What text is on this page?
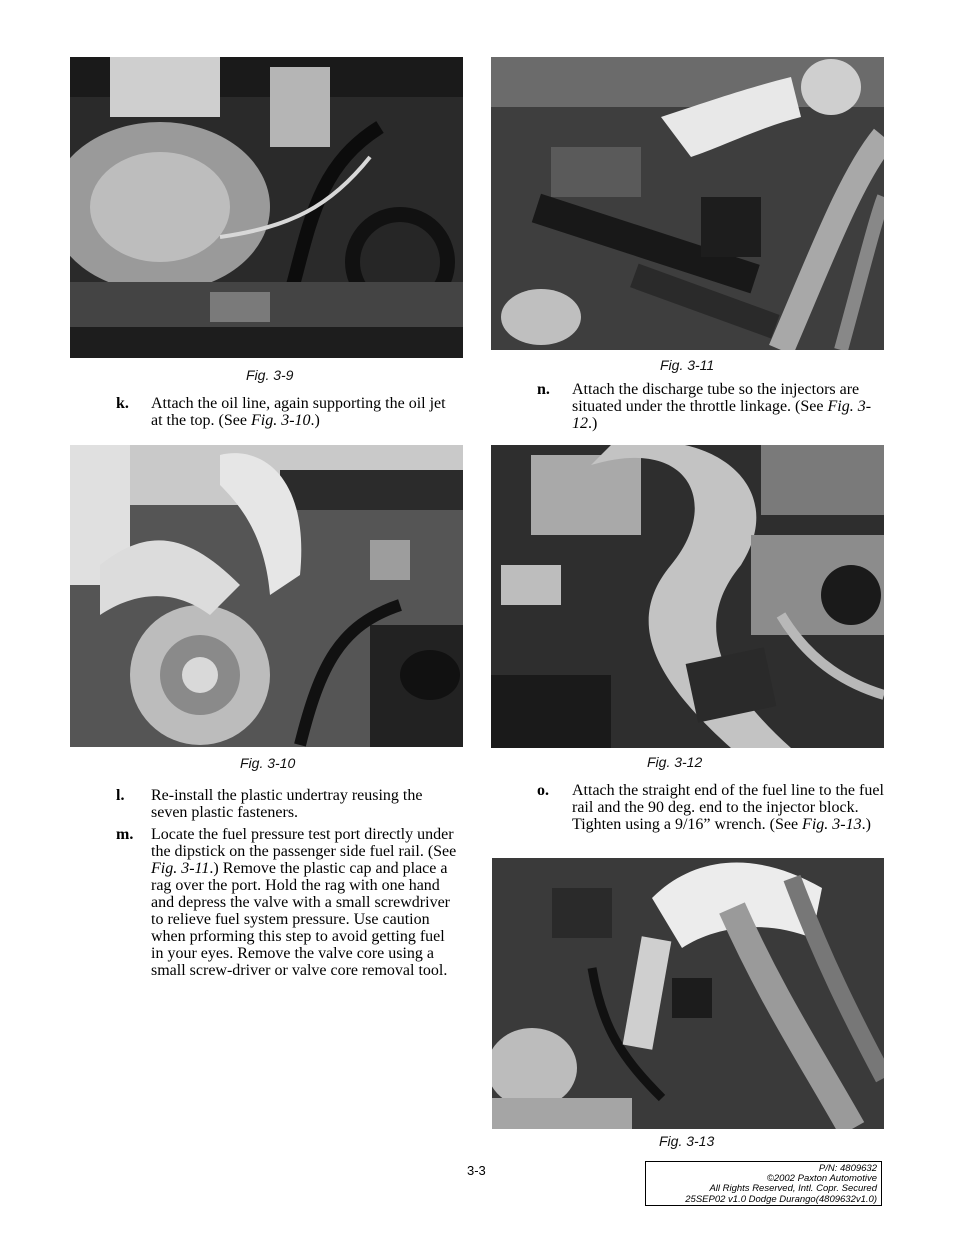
Fig. 3-9
k. Attach the oil line, again supporting the oil jet at the top. (See Fig. 3-10.)
Fig. 3-10
l. Re-install the plastic undertray reusing the seven plastic fasteners.
m. Locate the fuel pressure test port directly under the dipstick on the passenger side fuel rail. (See Fig. 3-11.) Remove the plastic cap and place a rag over the port. Hold the rag with one hand and depress the valve with a small screwdriver to relieve fuel system pressure. Use caution when prforming this step to avoid getting fuel in your eyes. Remove the valve core using a small screw-driver or valve core removal tool.
Fig. 3-11
n. Attach the discharge tube so the injectors are situated under the throttle linkage. (See Fig. 3-12.)
Fig. 3-12
o. Attach the straight end of the fuel line to the fuel rail and the 90 deg. end to the injector block. Tighten using a 9/16” wrench. (See Fig. 3-13.)
Fig. 3-13
3-3	P/N: 4809632
©2002 Paxton Automotive
All Rights Reserved, Intl. Copr. Secured
25SEP02 v1.0 Dodge Durango(4809632v1.0)
